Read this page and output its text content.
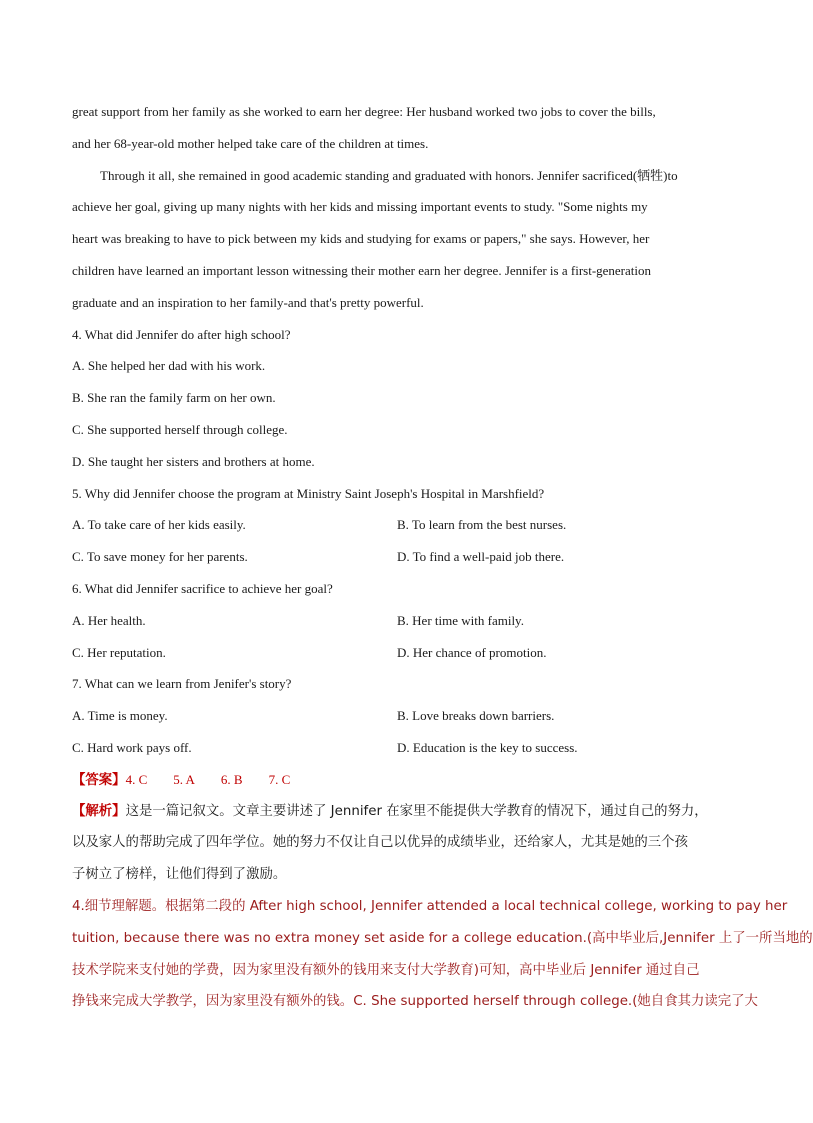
great support from her family as she worked to earn her degree: Her husband worked two jobs to cover the bills,
and her 68-year-old mother helped take care of the children at times.
Through it all, she remained in good academic standing and graduated with honors. Jennifer sacrificed(牺牲)to
achieve her goal, giving up many nights with her kids and missing important events to study. "Some nights my
heart was breaking to have to pick between my kids and studying for exams or papers," she says. However, her
children have learned an important lesson witnessing their mother earn her degree. Jennifer is a first-generation
graduate and an inspiration to her family-and that's pretty powerful.
4. What did Jennifer do after high school?
A. She helped her dad with his work.
B. She ran the family farm on her own.
C. She supported herself through college.
D. She taught her sisters and brothers at home.
5. Why did Jennifer choose the program at Ministry Saint Joseph's Hospital in Marshfield?
A. To take care of her kids easily.	B. To learn from the best nurses.
C. To save money for her parents.	D. To find a well-paid job there.
6. What did Jennifer sacrifice to achieve her goal?
A. Her health.	B. Her time with family.
C. Her reputation.	D. Her chance of promotion.
7. What can we learn from Jenifer's story?
A. Time is money.	B. Love breaks down barriers.
C. Hard work pays off.	D. Education is the key to success.
【答案】4. C 5. A 6. B 7. C
【解析】这是一篇记叙文。文章主要讲述了 Jennifer 在家里不能提供大学教育的情况下，通过自己的努力，
以及家人的帮助完成了四年学位。她的努力不仅让自己以优异的成绩毕业，还给家人，尤其是她的三个孩
子树立了榜样，让他们得到了激励。
4.细节理解题。根据第二段的 After high school, Jennifer attended a local technical college, working to pay her
tuition, because there was no extra money set aside for a college education.(高中毕业后,Jennifer 上了一所当地的
技术学院来支付她的学费，因为家里没有额外的钱用来支付大学教育)可知，高中毕业后 Jennifer 通过自己
挣钱来完成大学教学，因为家里没有额外的钱。C. She supported herself through college.(她自食其力读完了大
